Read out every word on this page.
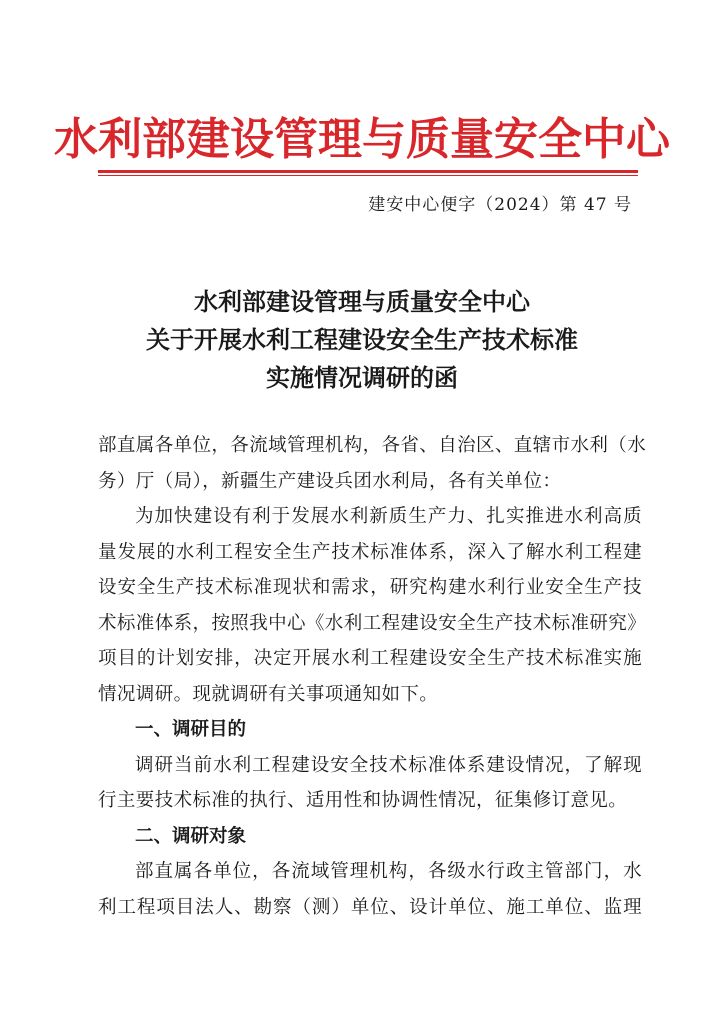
水利部建设管理与质量安全中心
建安中心便字（2024）第 47 号
水利部建设管理与质量安全中心
关于开展水利工程建设安全生产技术标准
实施情况调研的函
部直属各单位，各流域管理机构，各省、自治区、直辖市水利（水
务）厅（局），新疆生产建设兵团水利局，各有关单位：
为加快建设有利于发展水利新质生产力、扎实推进水利高质
量发展的水利工程安全生产技术标准体系，深入了解水利工程建
设安全生产技术标准现状和需求，研究构建水利行业安全生产技
术标准体系，按照我中心《水利工程建设安全生产技术标准研究》
项目的计划安排，决定开展水利工程建设安全生产技术标准实施
情况调研。现就调研有关事项通知如下。
一、调研目的
调研当前水利工程建设安全技术标准体系建设情况，了解现
行主要技术标准的执行、适用性和协调性情况，征集修订意见。
二、调研对象
部直属各单位，各流域管理机构，各级水行政主管部门，水
利工程项目法人、勘察（测）单位、设计单位、施工单位、监理
